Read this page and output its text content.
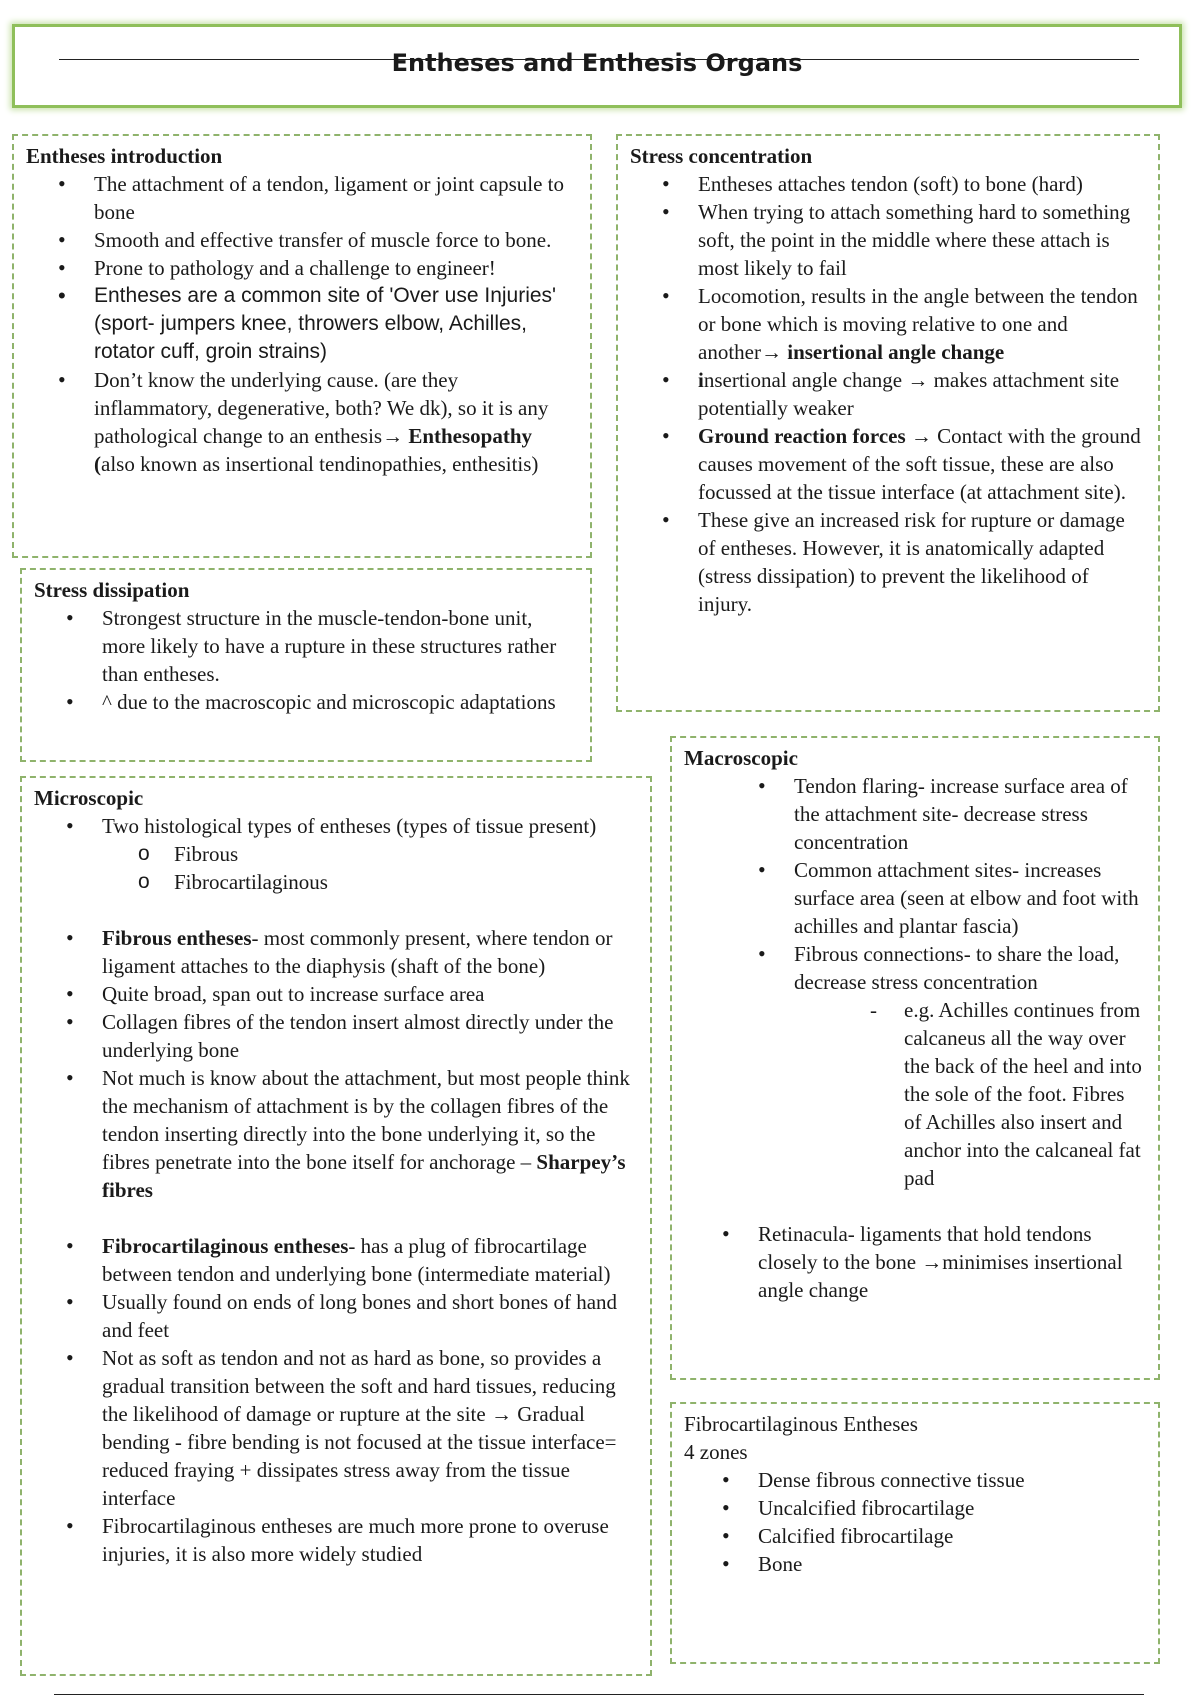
Entheses and Enthesis Organs
Entheses introduction
• The attachment of a tendon, ligament or joint capsule to bone
• Smooth and effective transfer of muscle force to bone.
• Prone to pathology and a challenge to engineer!
• Entheses are a common site of 'Over use Injuries' (sport- jumpers knee, throwers elbow, Achilles, rotator cuff, groin strains)
• Don’t know the underlying cause. (are they inflammatory, degenerative, both? We dk), so it is any pathological change to an enthesis→ Enthesopathy (also known as insertional tendinopathies, enthesitis)
Stress dissipation
• Strongest structure in the muscle-tendon-bone unit, more likely to have a rupture in these structures rather than entheses.
• ^ due to the macroscopic and microscopic adaptations
Stress concentration
• Entheses attaches tendon (soft) to bone (hard)
• When trying to attach something hard to something soft, the point in the middle where these attach is most likely to fail
• Locomotion, results in the angle between the tendon or bone which is moving relative to one and another→ insertional angle change
• insertional angle change → makes attachment site potentially weaker
• Ground reaction forces → Contact with the ground causes movement of the soft tissue, these are also focussed at the tissue interface (at attachment site).
• These give an increased risk for rupture or damage of entheses. However, it is anatomically adapted (stress dissipation) to prevent the likelihood of injury.
Microscopic
• Two histological types of entheses (types of tissue present)
o Fibrous
o Fibrocartilaginous
• Fibrous entheses- most commonly present, where tendon or ligament attaches to the diaphysis (shaft of the bone)
• Quite broad, span out to increase surface area
• Collagen fibres of the tendon insert almost directly under the underlying bone
• Not much is know about the attachment, but most people think the mechanism of attachment is by the collagen fibres of the tendon inserting directly into the bone underlying it, so the fibres penetrate into the bone itself for anchorage – Sharpey’s fibres
• Fibrocartilaginous entheses- has a plug of fibrocartilage between tendon and underlying bone (intermediate material)
• Usually found on ends of long bones and short bones of hand and feet
• Not as soft as tendon and not as hard as bone, so provides a gradual transition between the soft and hard tissues, reducing the likelihood of damage or rupture at the site → Gradual bending - fibre bending is not focused at the tissue interface= reduced fraying + dissipates stress away from the tissue interface
• Fibrocartilaginous entheses are much more prone to overuse injuries, it is also more widely studied
Macroscopic
• Tendon flaring- increase surface area of the attachment site- decrease stress concentration
• Common attachment sites- increases surface area (seen at elbow and foot with achilles and plantar fascia)
• Fibrous connections- to share the load, decrease stress concentration
- e.g. Achilles continues from calcaneus all the way over the back of the heel and into the sole of the foot. Fibres of Achilles also insert and anchor into the calcaneal fat pad
• Retinacula- ligaments that hold tendons closely to the bone →minimises insertional angle change
Fibrocartilaginous Entheses

4 zones

• Dense fibrous connective tissue
• Uncalcified fibrocartilage
• Calcified fibrocartilage
• Bone
